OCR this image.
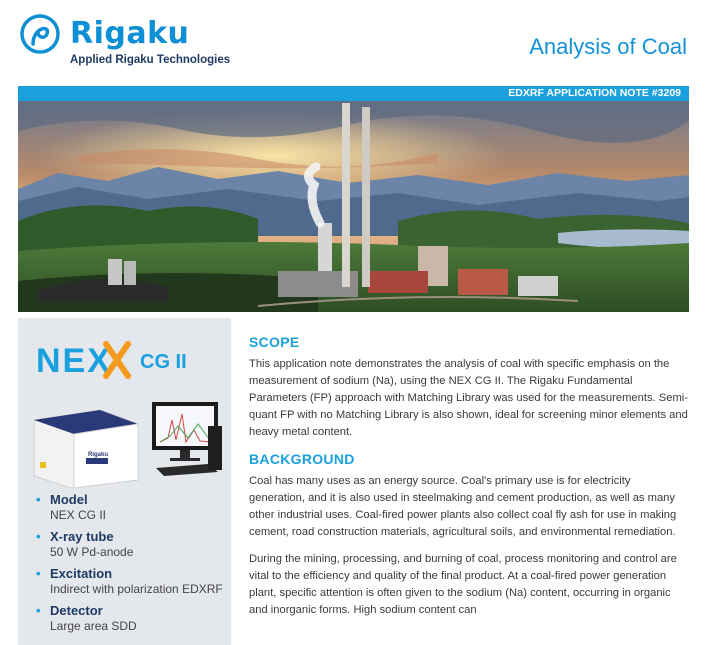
Rigaku
Applied Rigaku Technologies
Analysis of Coal
EDXRF APPLICATION NOTE #3209
NEX CG II
Rigaku
• Model
NEX CG II
• X-ray tube
50 W Pd-anode
• Excitation
Indirect with polarization EDXRF
• Detector
Large area SDD
SCOPE

This application note demonstrates the analysis of coal with specific emphasis on the measurement of sodium (Na), using the NEX CG II. The Rigaku Fundamental Parameters (FP) approach with Matching Library was used for the measurements. Semi-quant FP with no Matching Library is also shown, ideal for screening minor elements and heavy metal content.

BACKGROUND

Coal has many uses as an energy source. Coal's primary use is for electricity generation, and it is also used in steelmaking and cement production, as well as many other industrial uses. Coal-fired power plants also collect coal fly ash for use in making cement, road construction materials, agricultural soils, and environmental remediation.

During the mining, processing, and burning of coal, process monitoring and control are vital to the efficiency and quality of the final product. At a coal-fired power generation plant, specific attention is often given to the sodium (Na) content, occurring in organic and inorganic forms. High sodium content can
